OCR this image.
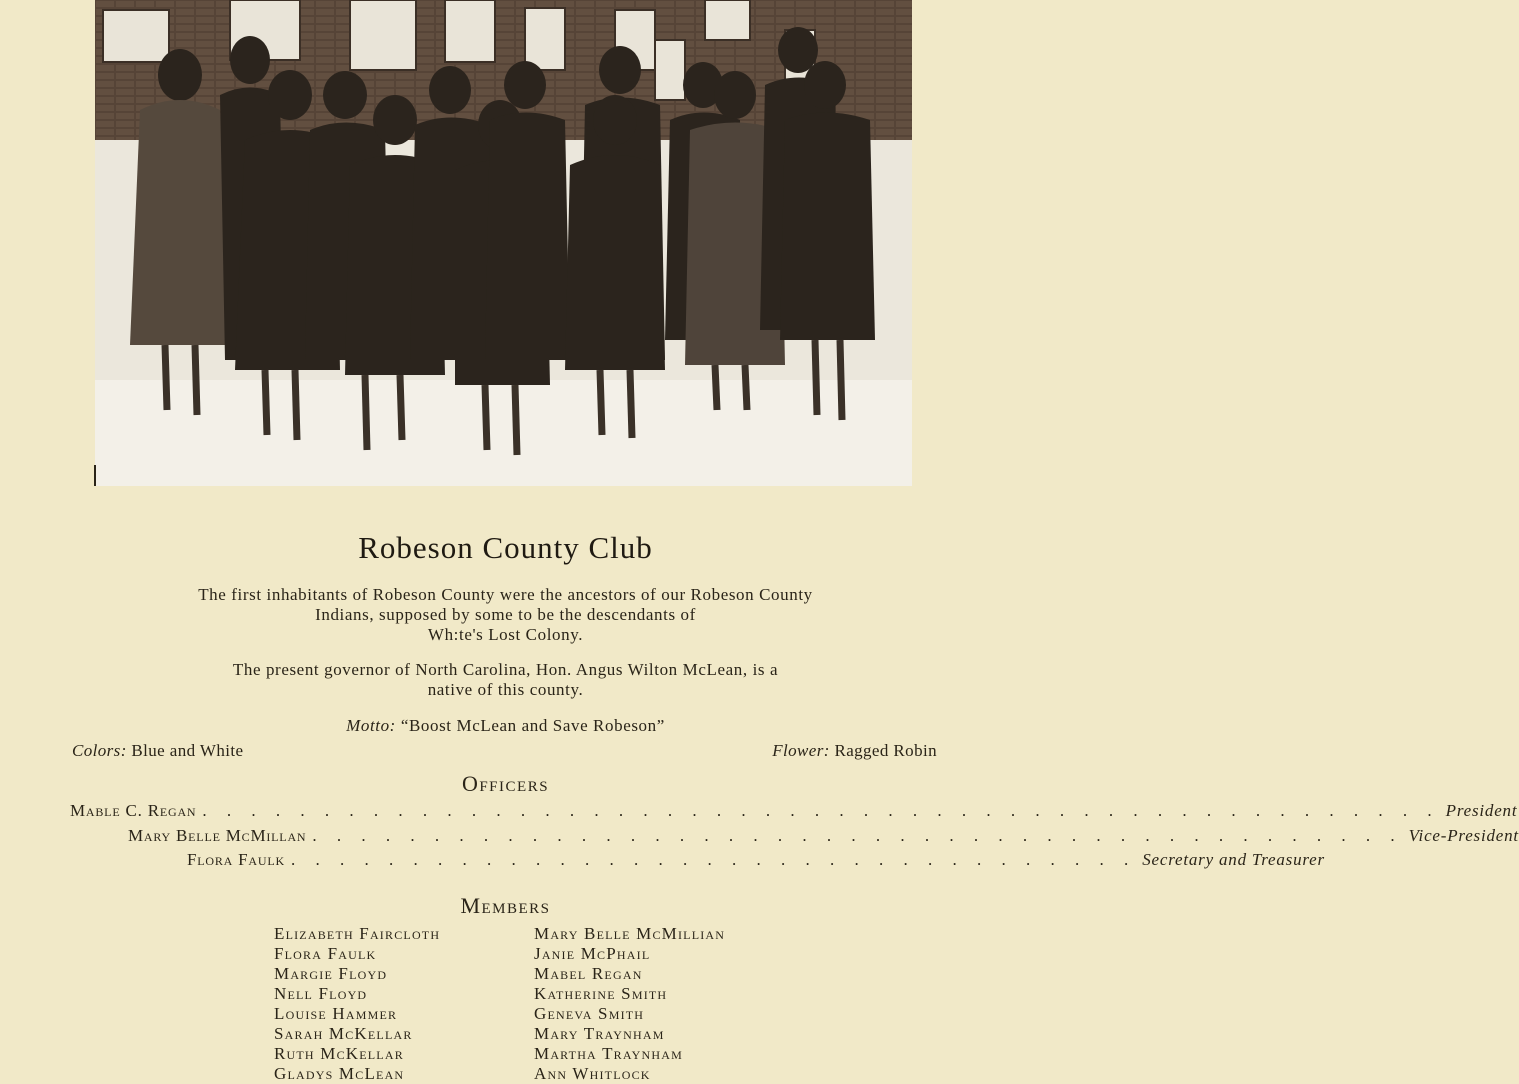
Robeson County Club
The first inhabitants of Robeson County were the ancestors of our Robeson County
Indians, supposed by some to be the descendants of
Wh:te's Lost Colony.
The present governor of North Carolina, Hon. Angus Wilton McLean, is a
native of this county.
Motto: “Boost McLean and Save Robeson”
Colors: Blue and White	Flower: Ragged Robin
Officers
Mable C. Regan . . . . . . . . . . . . . . . . . . . . . . . . . . . . . . . . . . . . . . . . . . . . . . . . . . . President
Mary Belle McMillan . . . . . . . . . . . . . . . . . . . . . . . . . . . . . . . . . . . . . . . . . . . . . Vice-President
Flora Faulk . . . . . . . . . . . . . . . . . . . . . . . . . . . . . . . . . . . Secretary and Treasurer
Members
Elizabeth Faircloth
Flora Faulk
Margie Floyd
Nell Floyd
Louise Hammer
Sarah McKellar
Ruth McKellar
Gladys McLean
Mary Belle McMillian
Janie McPhail
Mabel Regan
Katherine Smith
Geneva Smith
Mary Traynham
Martha Traynham
Ann Whitlock
